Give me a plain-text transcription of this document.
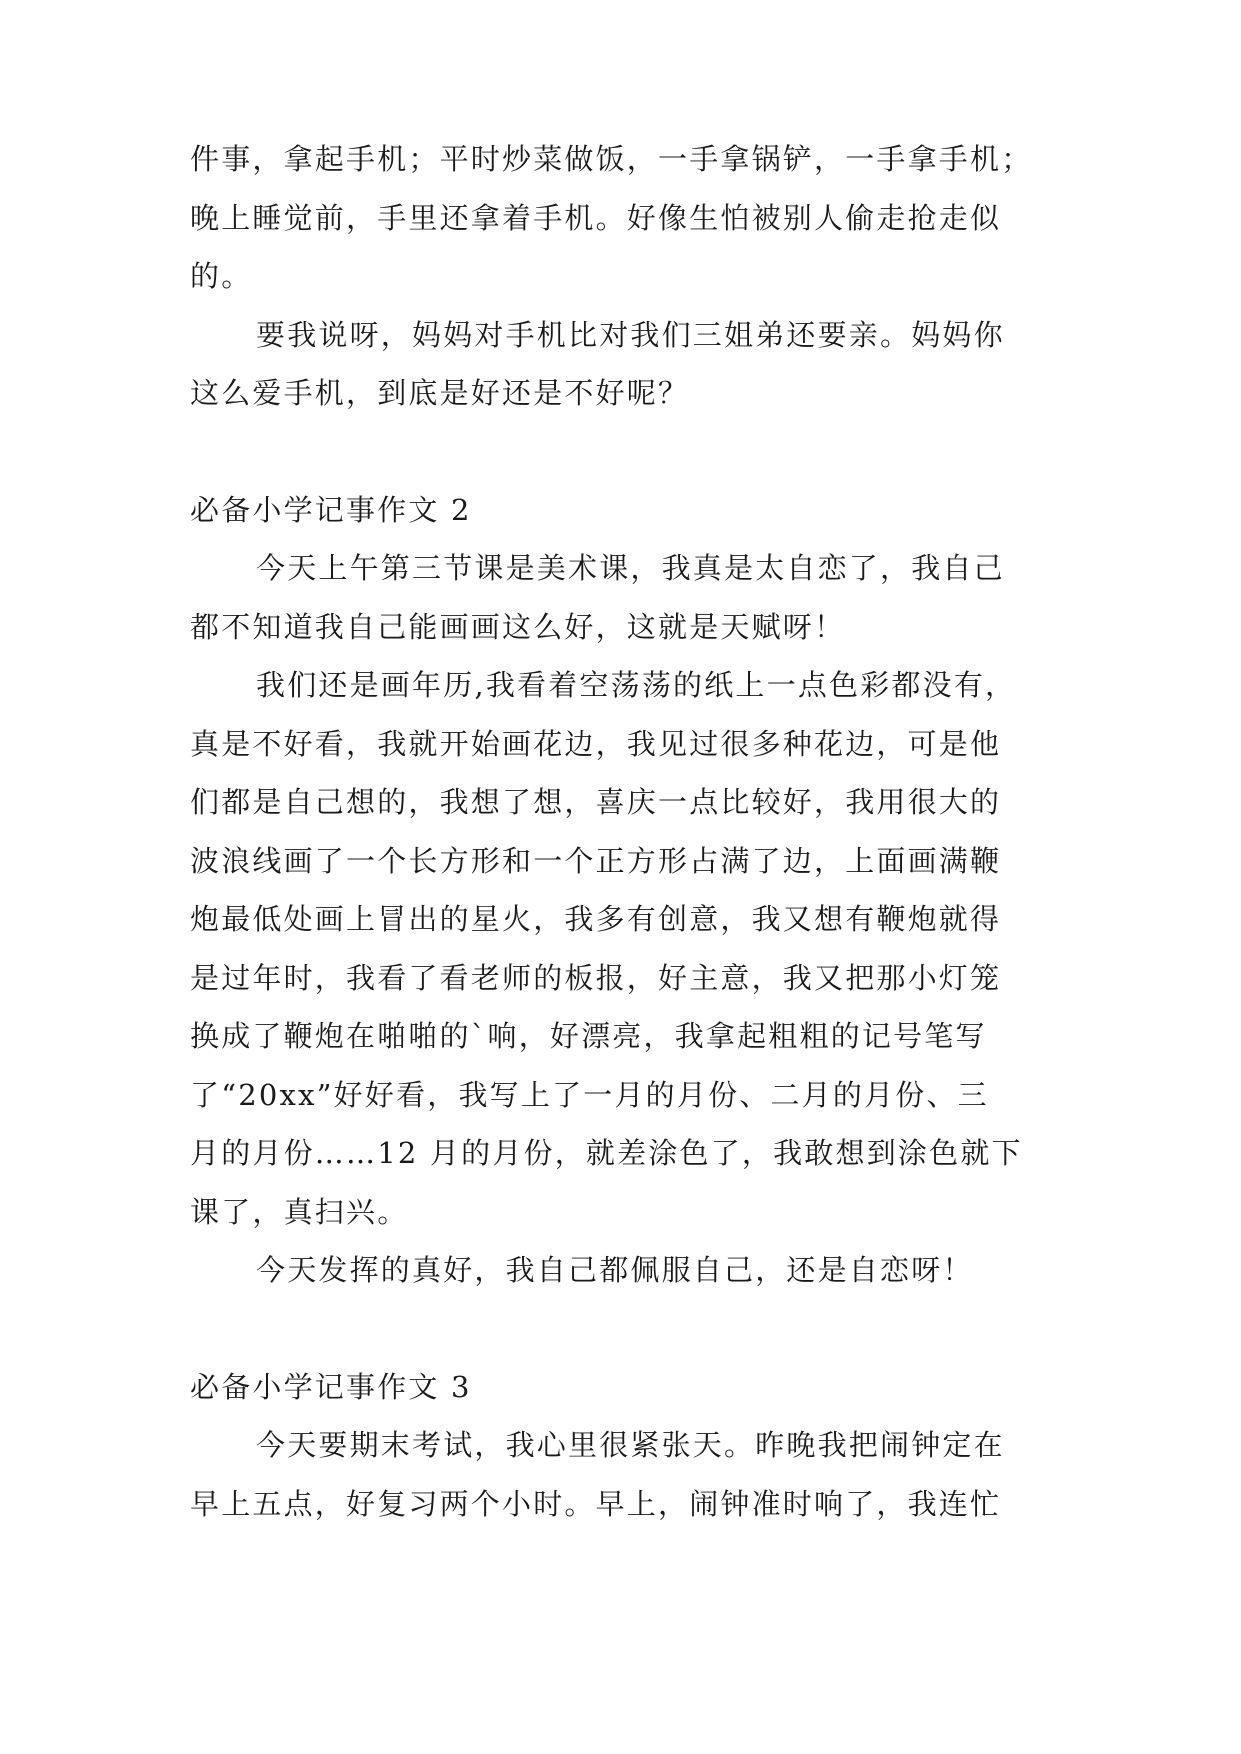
件事，拿起手机；平时炒菜做饭，一手拿锅铲，一手拿手机；
晚上睡觉前，手里还拿着手机。好像生怕被别人偷走抢走似
的。
要我说呀，妈妈对手机比对我们三姐弟还要亲。妈妈你
这么爱手机，到底是好还是不好呢？
必备小学记事作文 2
今天上午第三节课是美术课，我真是太自恋了，我自己
都不知道我自己能画画这么好，这就是天赋呀！
我们还是画年历,我看着空荡荡的纸上一点色彩都没有，
真是不好看，我就开始画花边，我见过很多种花边，可是他
们都是自己想的，我想了想，喜庆一点比较好，我用很大的
波浪线画了一个长方形和一个正方形占满了边，上面画满鞭
炮最低处画上冒出的星火，我多有创意，我又想有鞭炮就得
是过年时，我看了看老师的板报，好主意，我又把那小灯笼
换成了鞭炮在啪啪的`响，好漂亮，我拿起粗粗的记号笔写
了“20xx”好好看，我写上了一月的月份、二月的月份、三
月的月份……12 月的月份，就差涂色了，我敢想到涂色就下
课了，真扫兴。
今天发挥的真好，我自己都佩服自己，还是自恋呀！
必备小学记事作文 3
今天要期末考试，我心里很紧张天。昨晚我把闹钟定在
早上五点，好复习两个小时。早上，闹钟准时响了，我连忙
